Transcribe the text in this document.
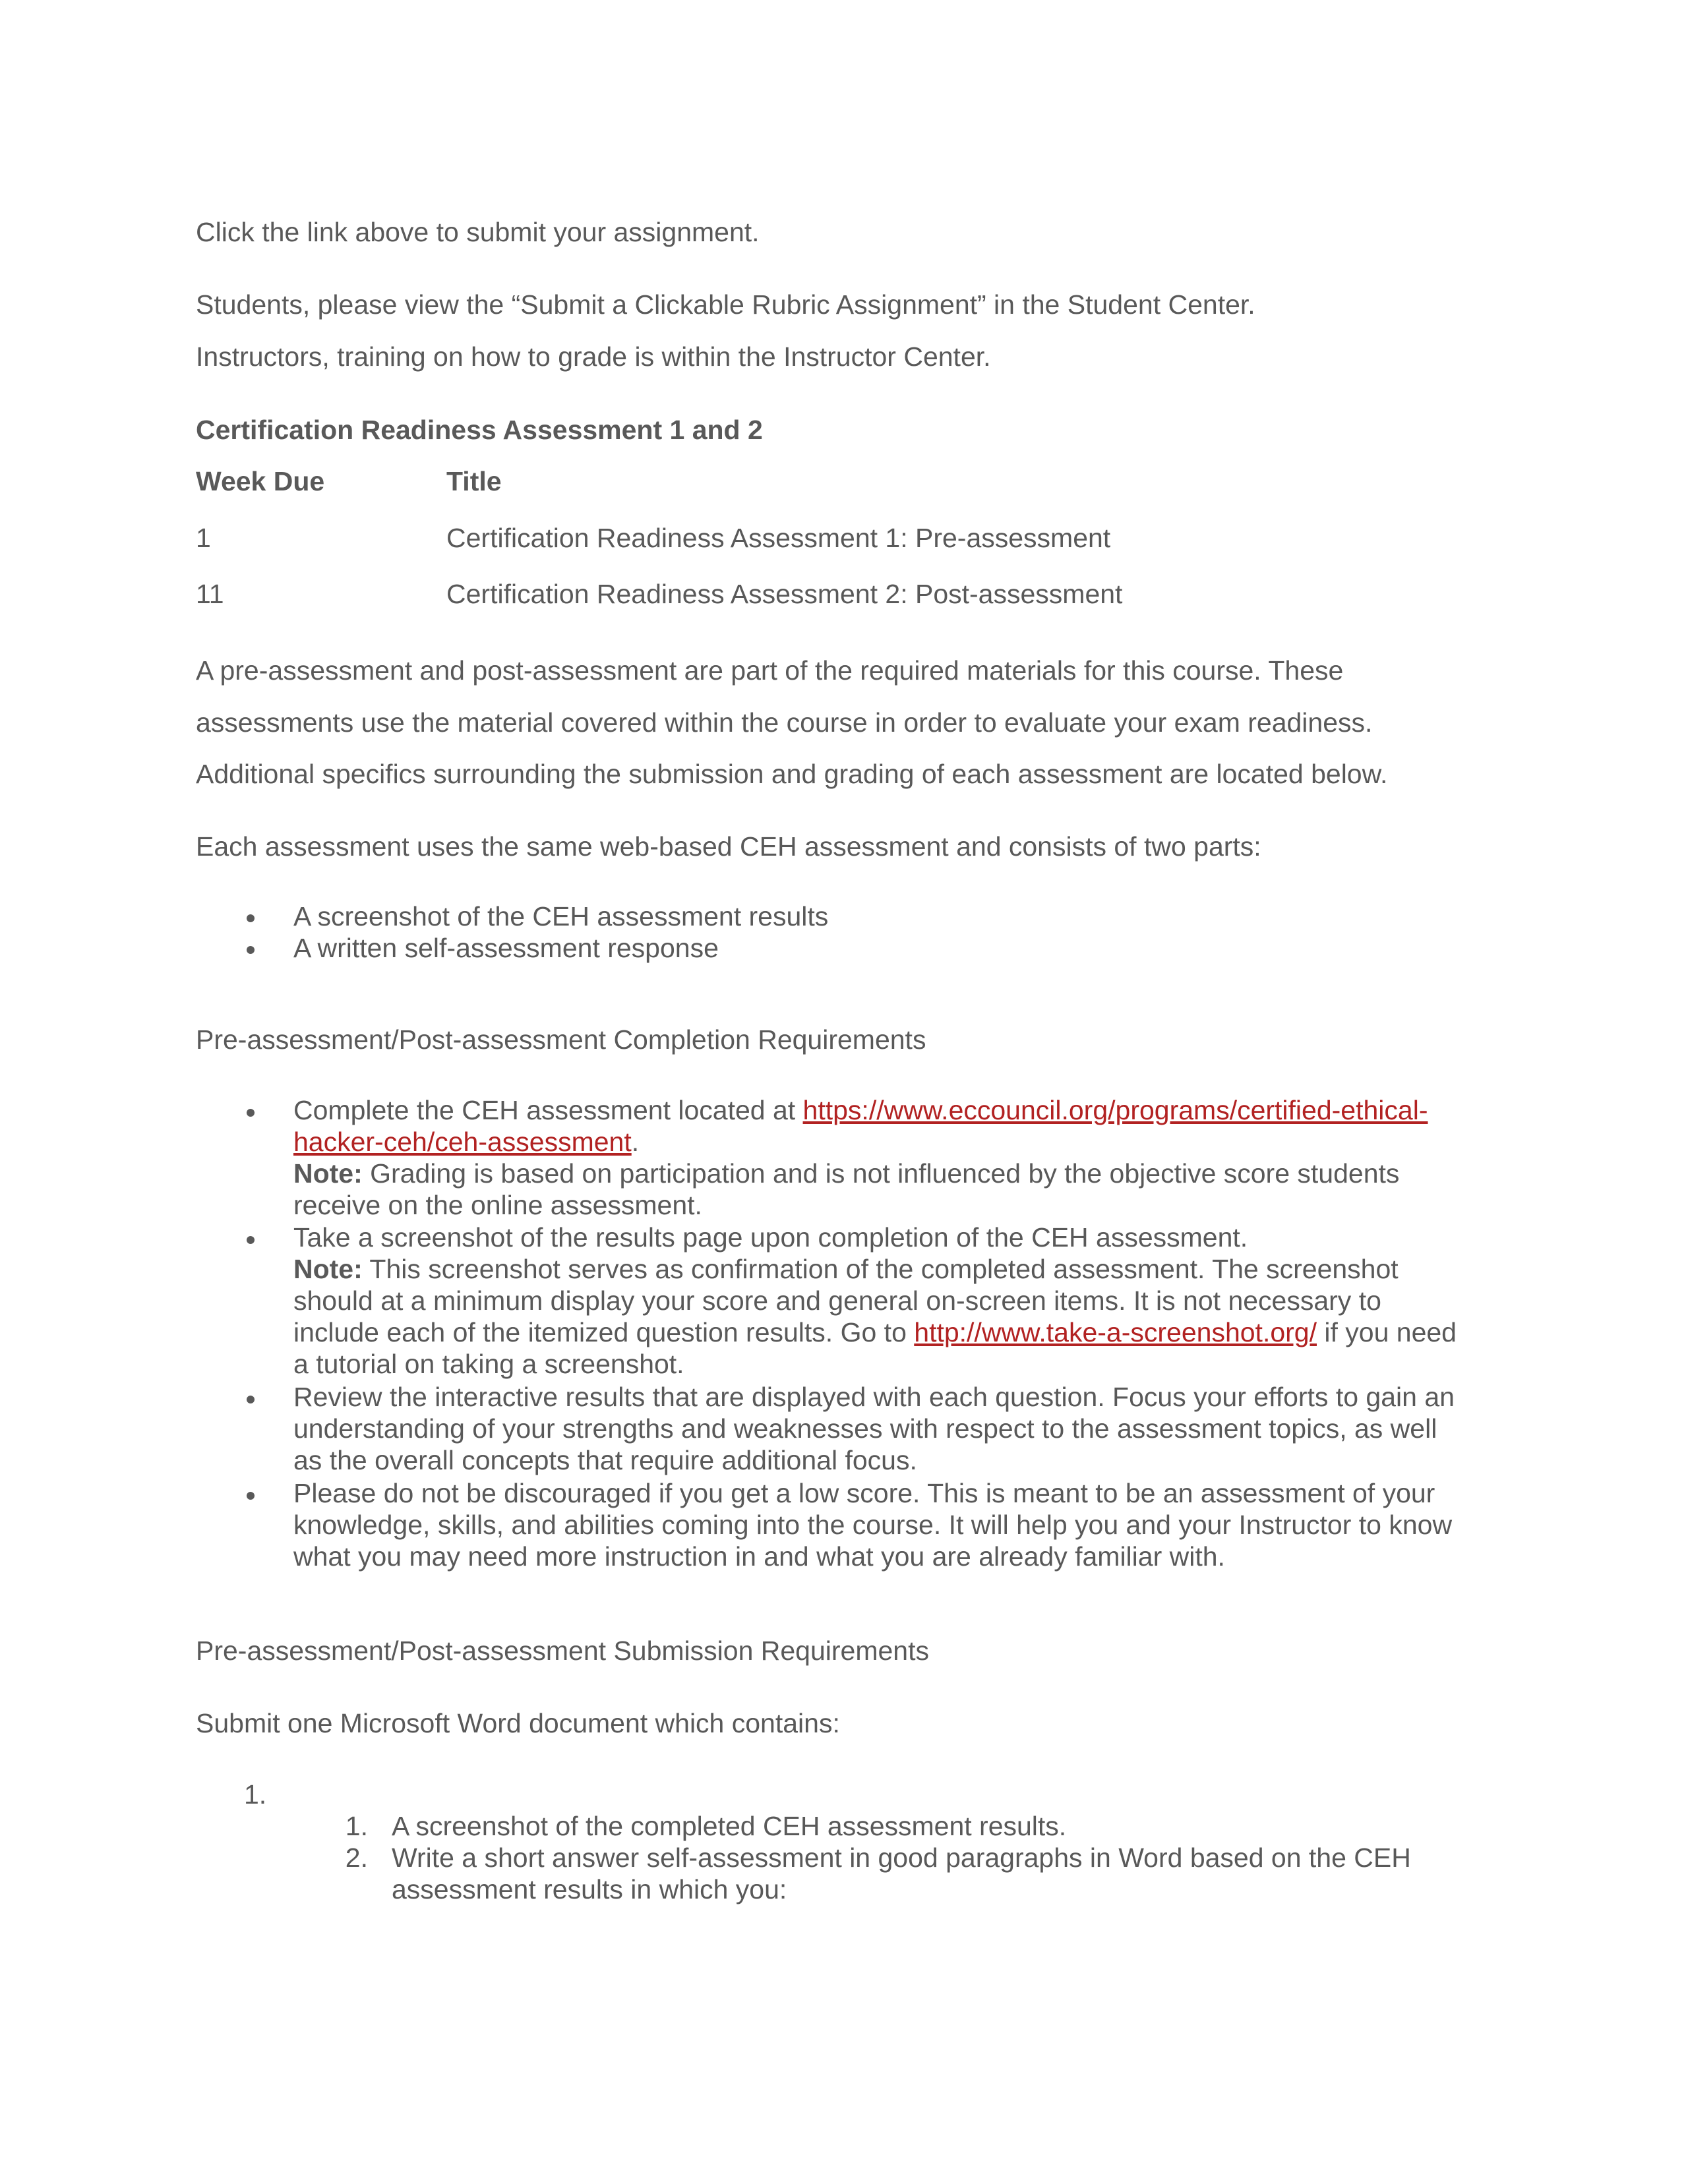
Click the link above to submit your assignment.
Students, please view the “Submit a Clickable Rubric Assignment” in the Student Center.
Instructors, training on how to grade is within the Instructor Center.
Certification Readiness Assessment 1 and 2
Week Due	Title
1	Certification Readiness Assessment 1: Pre-assessment
11	Certification Readiness Assessment 2: Post-assessment
A pre-assessment and post-assessment are part of the required materials for this course. These
assessments use the material covered within the course in order to evaluate your exam readiness.
Additional specifics surrounding the submission and grading of each assessment are located below.
Each assessment uses the same web-based CEH assessment and consists of two parts:
A screenshot of the CEH assessment results
A written self-assessment response
Pre-assessment/Post-assessment Completion Requirements

Complete the CEH assessment located at https://www.eccouncil.org/programs/certified-ethical-

hacker-ceh/ceh-assessment.

Note: Grading is based on participation and is not influenced by the objective score students

receive on the online assessment.

Take a screenshot of the results page upon completion of the CEH assessment.

Note: This screenshot serves as confirmation of the completed assessment. The screenshot

should at a minimum display your score and general on-screen items. It is not necessary to

include each of the itemized question results. Go to http://www.take-a-screenshot.org/ if you need

a tutorial on taking a screenshot.

Review the interactive results that are displayed with each question. Focus your efforts to gain an

understanding of your strengths and weaknesses with respect to the assessment topics, as well

as the overall concepts that require additional focus.

Please do not be discouraged if you get a low score. This is meant to be an assessment of your

knowledge, skills, and abilities coming into the course. It will help you and your Instructor to know

what you may need more instruction in and what you are already familiar with.

Pre-assessment/Post-assessment Submission Requirements
Submit one Microsoft Word document which contains:
1.
1. A screenshot of the completed CEH assessment results.
2. Write a short answer self-assessment in good paragraphs in Word based on the CEH
assessment results in which you:
